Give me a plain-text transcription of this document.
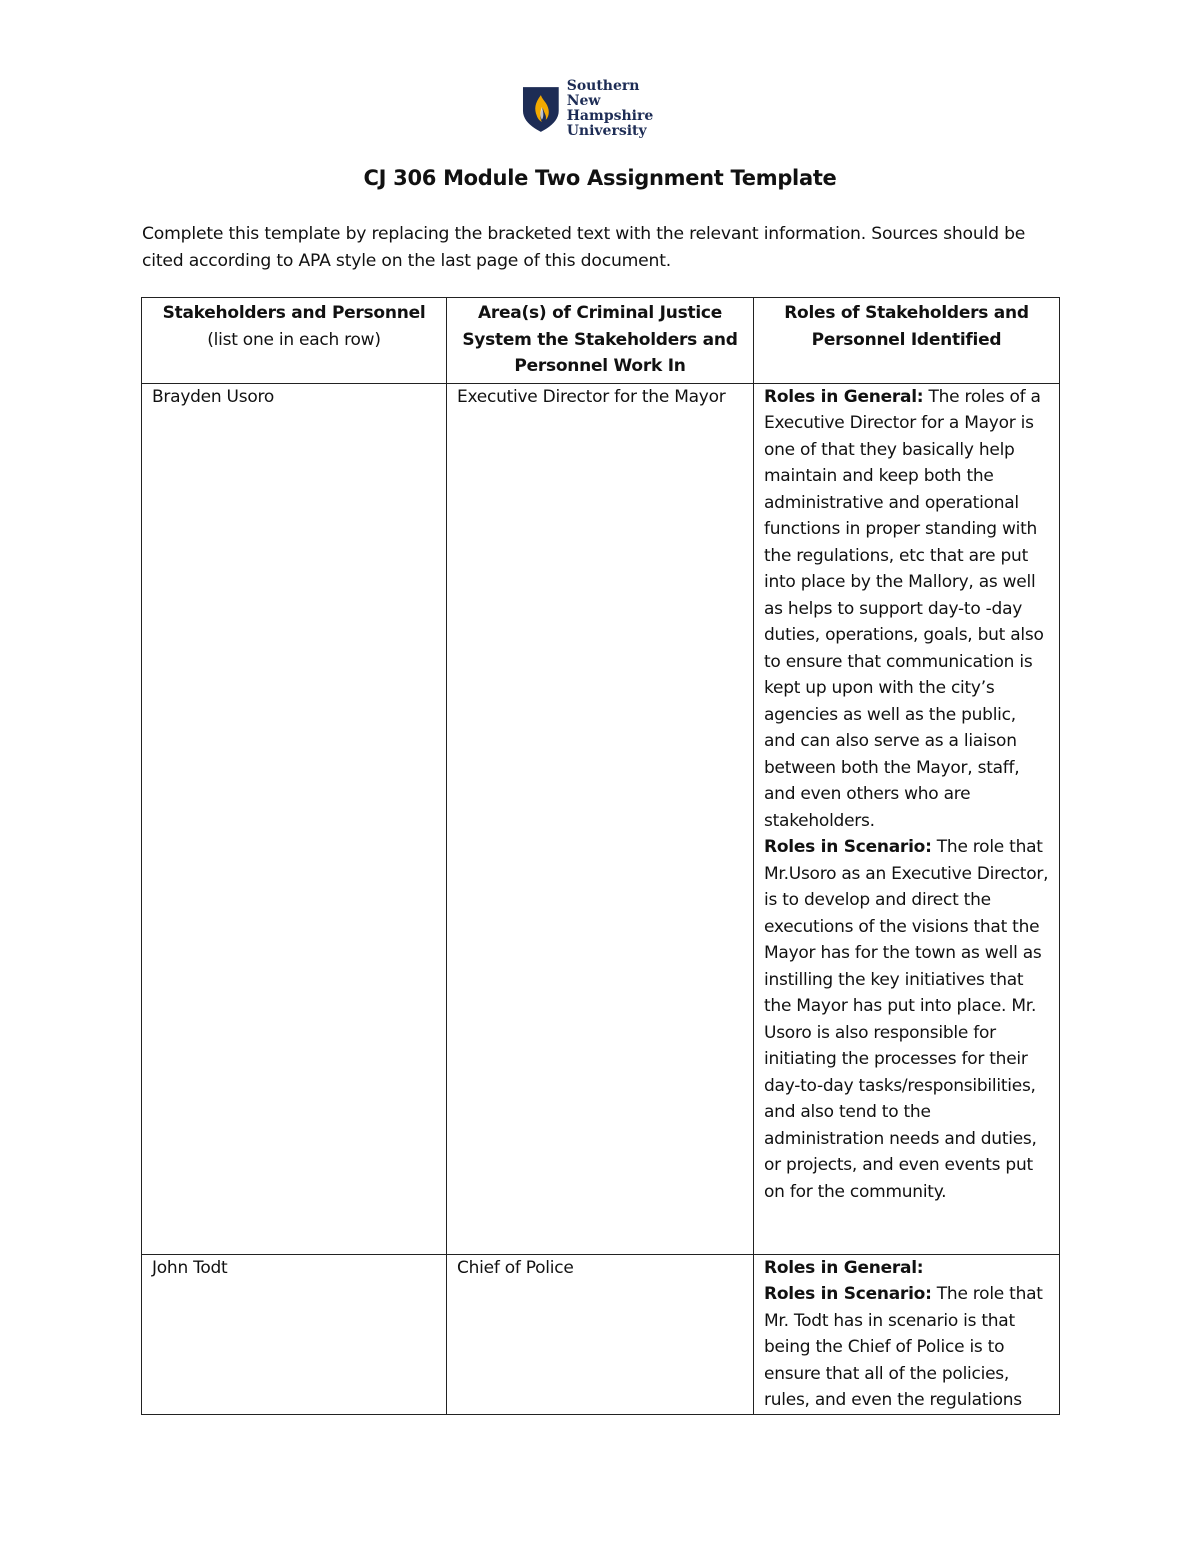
Southern
New Hampshire
University
CJ 306 Module Two Assignment Template
Complete this template by replacing the bracketed text with the relevant information. Sources should be cited according to APA style on the last page of this document.
Stakeholders and Personnel
(list one in each row)	Area(s) of Criminal Justice System the Stakeholders and Personnel Work In	Roles of Stakeholders and Personnel Identified

Brayden Usoro	Executive Director for the Mayor	Roles in General: The roles of a Executive Director for a Mayor is one of that they basically help maintain and keep both the administrative and operational functions in proper standing with the regulations, etc that are put into place by the Mallory, as well as helps to support day-to -day duties, operations, goals, but also to ensure that communication is kept up upon with the city’s agencies as well as the public, and can also serve as a liaison between both the Mayor, staff, and even others who are stakeholders.
Roles in Scenario: The role that Mr.Usoro as an Executive Director, is to develop and direct the executions of the visions that the Mayor has for the town as well as instilling the key initiatives that the Mayor has put into place. Mr. Usoro is also responsible for initiating the processes for their day-to-day tasks/responsibilities, and also tend to the administration needs and duties, or projects, and even events put on for the community.
John Todt	Chief of Police	Roles in General:
Roles in Scenario: The role that Mr. Todt has in scenario is that being the Chief of Police is to ensure that all of the policies, rules, and even the regulations
